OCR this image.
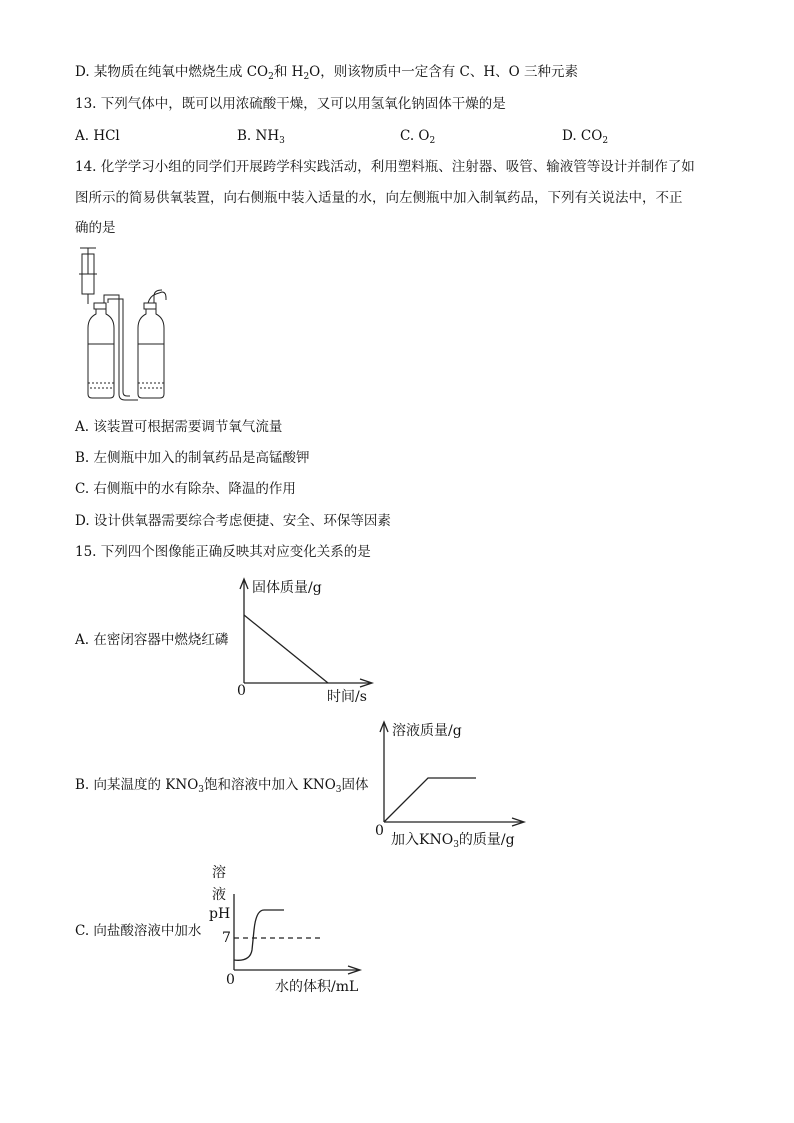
D. 某物质在纯氧中燃烧生成 $CO_2$和 $H_2O$，则该物质中一定含有 C、H、O 三种元素
13. 下列气体中，既可以用浓硫酸干燥，又可以用氢氧化钠固体干燥的是
A. HCl	B. $NH_3$	C. $O_2$	D. $CO_2$
14. 化学学习小组的同学们开展跨学科实践活动，利用塑料瓶、注射器、吸管、输液管等设计并制作了如
图所示的简易供氧装置，向右侧瓶中装入适量的水，向左侧瓶中加入制氧药品，下列有关说法中，不正
确的是
A. 该装置可根据需要调节氧气流量
B. 左侧瓶中加入的制氧药品是高锰酸钾
C. 右侧瓶中的水有除杂、降温的作用
D. 设计供氧器需要综合考虑便捷、安全、环保等因素
15. 下列四个图像能正确反映其对应变化关系的是
A. 在密闭容器中燃烧红磷
固体质量/g
0	时间/s
B. 向某温度的 $KNO_3$饱和溶液中加入 $KNO_3$固体
溶液质量/g
0
加入$KNO_3$的质量/g
C. 向盐酸溶液中加水
溶
液
pH
7
0	水的体积/mL
